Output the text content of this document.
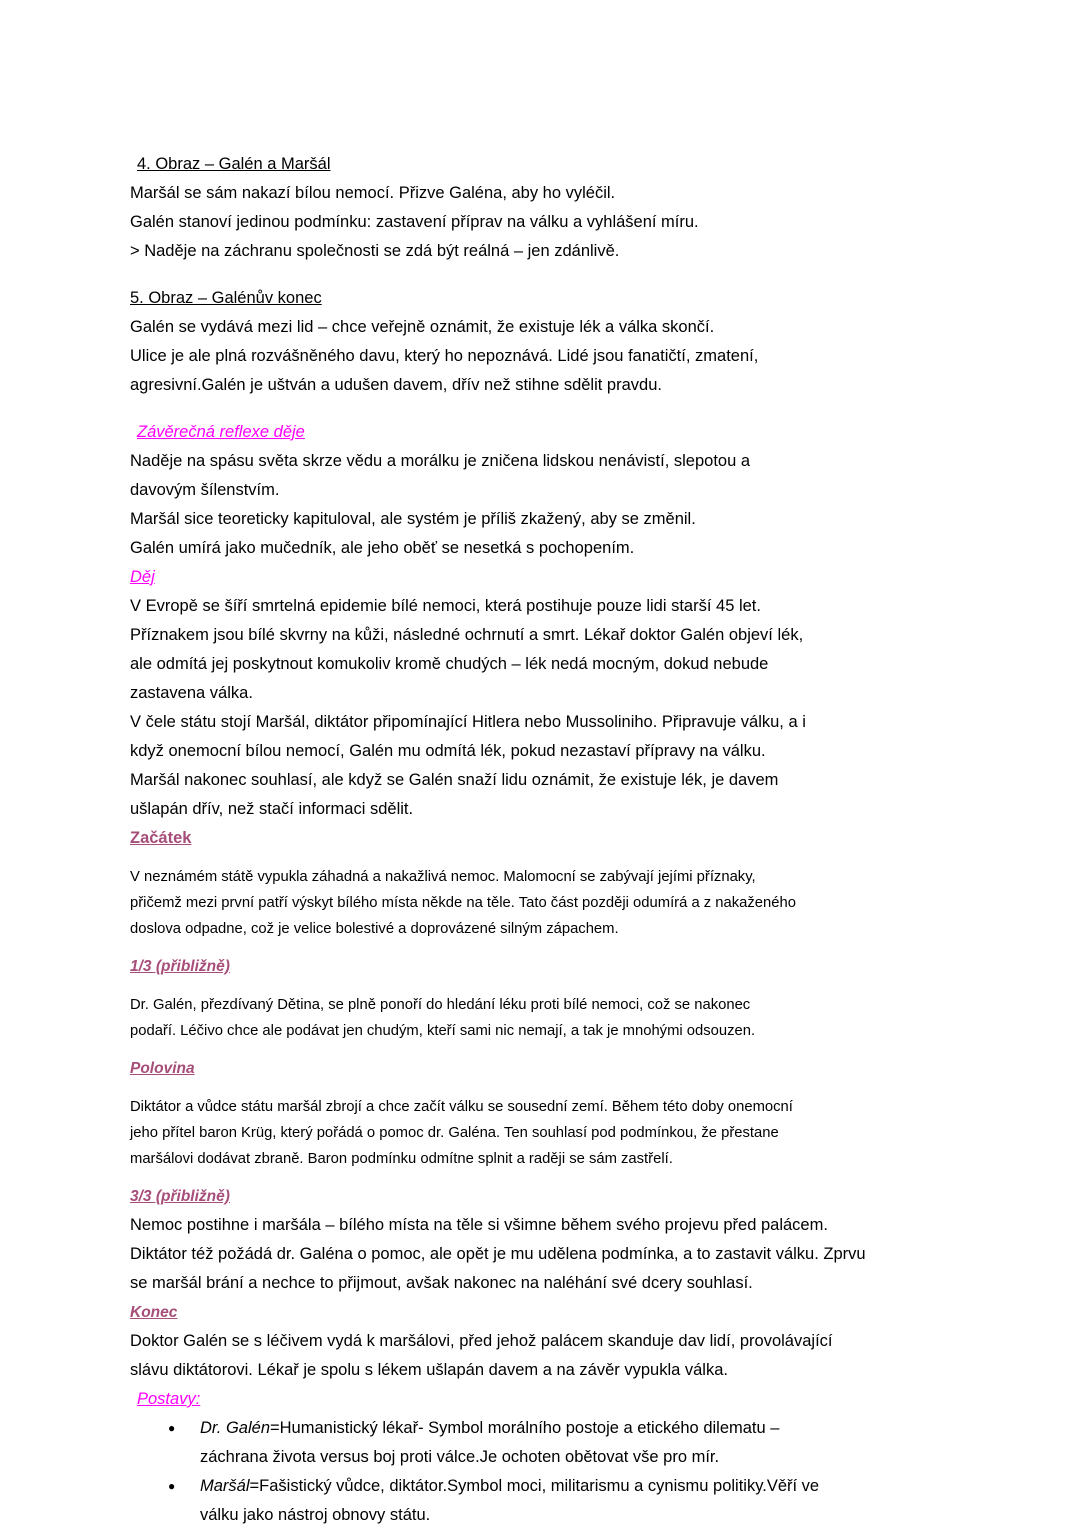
4. Obraz – Galén a Maršál
Maršál se sám nakazí bílou nemocí. Přizve Galéna, aby ho vyléčil.
Galén stanoví jedinou podmínku: zastavení příprav na válku a vyhlášení míru.
> Naděje na záchranu společnosti se zdá být reálná – jen zdánlivě.
5. Obraz – Galénův konec
Galén se vydává mezi lid – chce veřejně oznámit, že existuje lék a válka skončí.
Ulice je ale plná rozvášněného davu, který ho nepoznává. Lidé jsou fanatičtí, zmatení,
agresivní.Galén je uštván a udušen davem, dřív než stihne sdělit pravdu.
Závěrečná reflexe děje
Naděje na spásu světa skrze vědu a morálku je zničena lidskou nenávistí, slepotou a
davovým šílenstvím.
Maršál sice teoreticky kapituloval, ale systém je příliš zkažený, aby se změnil.
Galén umírá jako mučedník, ale jeho oběť se nesetká s pochopením.
Děj
V Evropě se šíří smrtelná epidemie bílé nemoci, která postihuje pouze lidi starší 45 let.
Příznakem jsou bílé skvrny na kůži, následné ochrnutí a smrt. Lékař doktor Galén objeví lék,
ale odmítá jej poskytnout komukoliv kromě chudých – lék nedá mocným, dokud nebude
zastavena válka.
V čele státu stojí Maršál, diktátor připomínající Hitlera nebo Mussoliniho. Připravuje válku, a i
když onemocní bílou nemocí, Galén mu odmítá lék, pokud nezastaví přípravy na válku.
Maršál nakonec souhlasí, ale když se Galén snaží lidu oznámit, že existuje lék, je davem
ušlapán dřív, než stačí informaci sdělit.
Začátek
V neznámém státě vypukla záhadná a nakažlivá nemoc. Malomocní se zabývají jejími příznaky,
přičemž mezi první patří výskyt bílého místa někde na těle. Tato část později odumírá a z nakaženého
doslova odpadne, což je velice bolestivé a doprovázené silným zápachem.
1/3 (přibližně)
Dr. Galén, přezdívaný Dětina, se plně ponoří do hledání léku proti bílé nemoci, což se nakonec
podaří. Léčivo chce ale podávat jen chudým, kteří sami nic nemají, a tak je mnohými odsouzen.
Polovina
Diktátor a vůdce státu maršál zbrojí a chce začít válku se sousední zemí. Během této doby onemocní
jeho přítel baron Krüg, který pořádá o pomoc dr. Galéna. Ten souhlasí pod podmínkou, že přestane
maršálovi dodávat zbraně. Baron podmínku odmítne splnit a raději se sám zastřelí.
3/3 (přibližně)
Nemoc postihne i maršála – bílého místa na těle si všimne během svého projevu před palácem.
Diktátor též požádá dr. Galéna o pomoc, ale opět je mu udělena podmínka, a to zastavit válku. Zprvu
se maršál brání a nechce to přijmout, avšak nakonec na naléhání své dcery souhlasí.
Konec
Doktor Galén se s léčivem vydá k maršálovi, před jehož palácem skanduje dav lidí, provolávající
slávu diktátorovi. Lékař je spolu s lékem ušlapán davem a na závěr vypukla válka.
Postavy:
●	Dr. Galén=Humanistický lékař- Symbol morálního postoje a etického dilematu –
záchrana života versus boj proti válce.Je ochoten obětovat vše pro mír.
●	Maršál=Fašistický vůdce, diktátor.Symbol moci, militarismu a cynismu politiky.Věří ve
válku jako nástroj obnovy státu.
